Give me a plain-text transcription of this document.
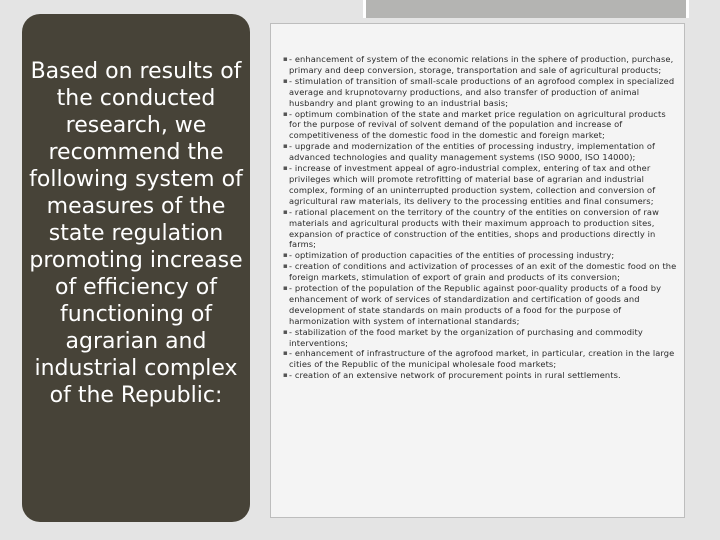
Based on results of the conducted research, we recommend the following system of measures of the state regulation promoting increase of efficiency of functioning of agrarian and industrial complex of the Republic:

▪ - enhancement of system of the economic relations in the sphere of production, purchase, primary and deep conversion, storage, transportation and sale of agricultural products;
▪ - stimulation of transition of small-scale productions of an agrofood complex in specialized average and krupnotovarny productions, and also transfer of production of animal husbandry and plant growing to an industrial basis;
▪ - optimum combination of the state and market price regulation on agricultural products for the purpose of revival of solvent demand of the population and increase of competitiveness of the domestic food in the domestic and foreign market;
▪ - upgrade and modernization of the entities of processing industry, implementation of advanced technologies and quality management systems (ISO 9000, ISO 14000);
▪ - increase of investment appeal of agro-industrial complex, entering of tax and other privileges which will promote retrofitting of material base of agrarian and industrial complex, forming of an uninterrupted production system, collection and conversion of agricultural raw materials, its delivery to the processing entities and final consumers;
▪ - rational placement on the territory of the country of the entities on conversion of raw materials and agricultural products with their maximum approach to production sites, expansion of practice of construction of the entities, shops and productions directly in farms;
▪ - optimization of production capacities of the entities of processing industry;
▪ - creation of conditions and activization of processes of an exit of the domestic food on the foreign markets, stimulation of export of grain and products of its conversion;
▪ - protection of the population of the Republic against poor-quality products of a food by enhancement of work of services of standardization and certification of goods and development of state standards on main products of a food for the purpose of harmonization with system of international standards;
▪ - stabilization of the food market by the organization of purchasing and commodity interventions;
▪ - enhancement of infrastructure of the agrofood market, in particular, creation in the large cities of the Republic of the municipal wholesale food markets;
▪ - creation of an extensive network of procurement points in rural settlements.
